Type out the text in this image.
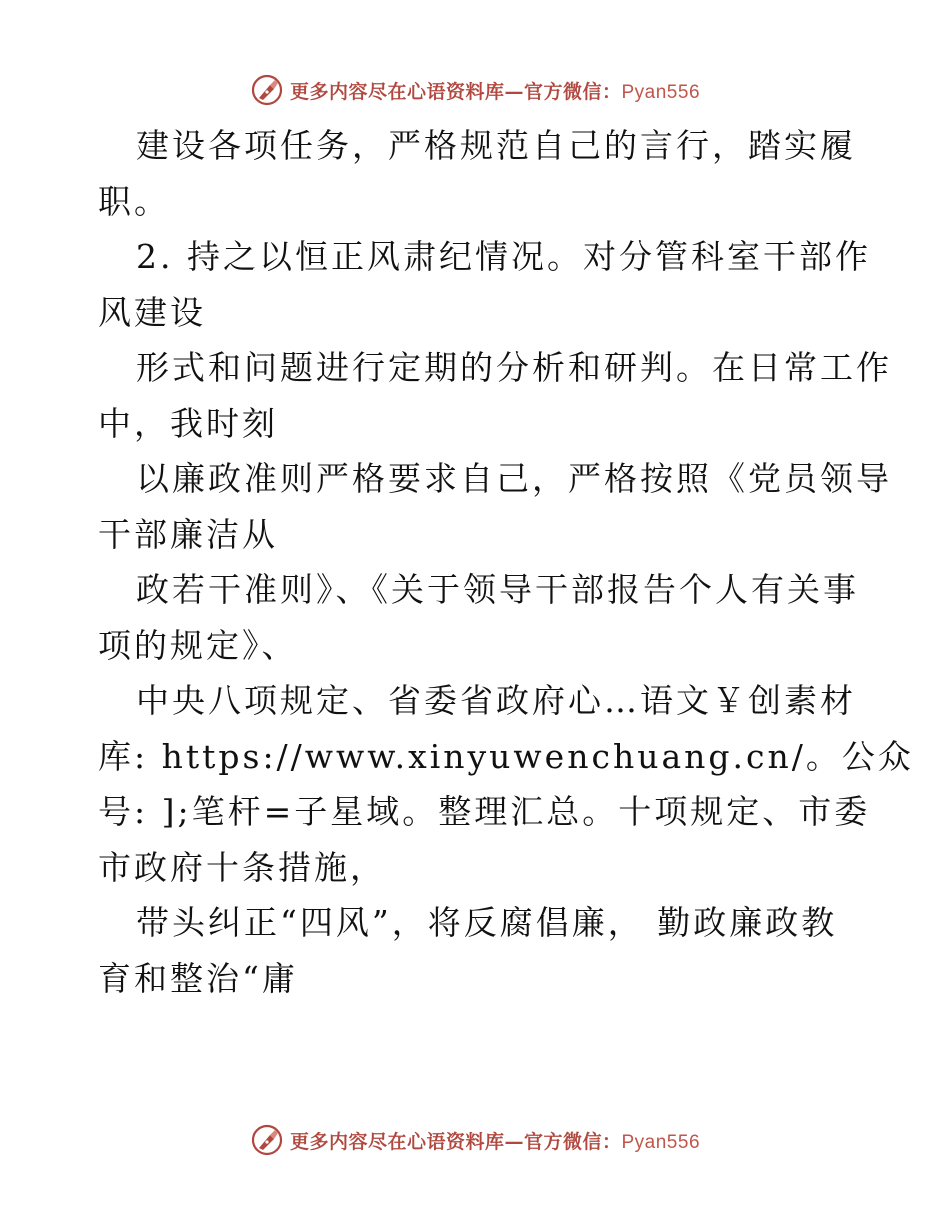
更多内容尽在心语资料库—官方微信：Pyan556
建设各项任务，严格规范自己的言行，踏实履
职。
2. 持之以恒正风肃纪情况。对分管科室干部作
风建设
形式和问题进行定期的分析和研判。在日常工作
中，我时刻
以廉政准则严格要求自己，严格按照《党员领导
干部廉洁从
政若干准则》、《关于领导干部报告个人有关事
项的规定》、
中央八项规定、省委省政府心…语文￥创素材
库: https://www.xinyuwenchuang.cn/。公众
号: ];笔杆=子星域。整理汇总。十项规定、市委
市政府十条措施，
带头纠正“四风”，将反腐倡廉， 勤政廉政教
育和整治“庸
更多内容尽在心语资料库—官方微信：Pyan556
